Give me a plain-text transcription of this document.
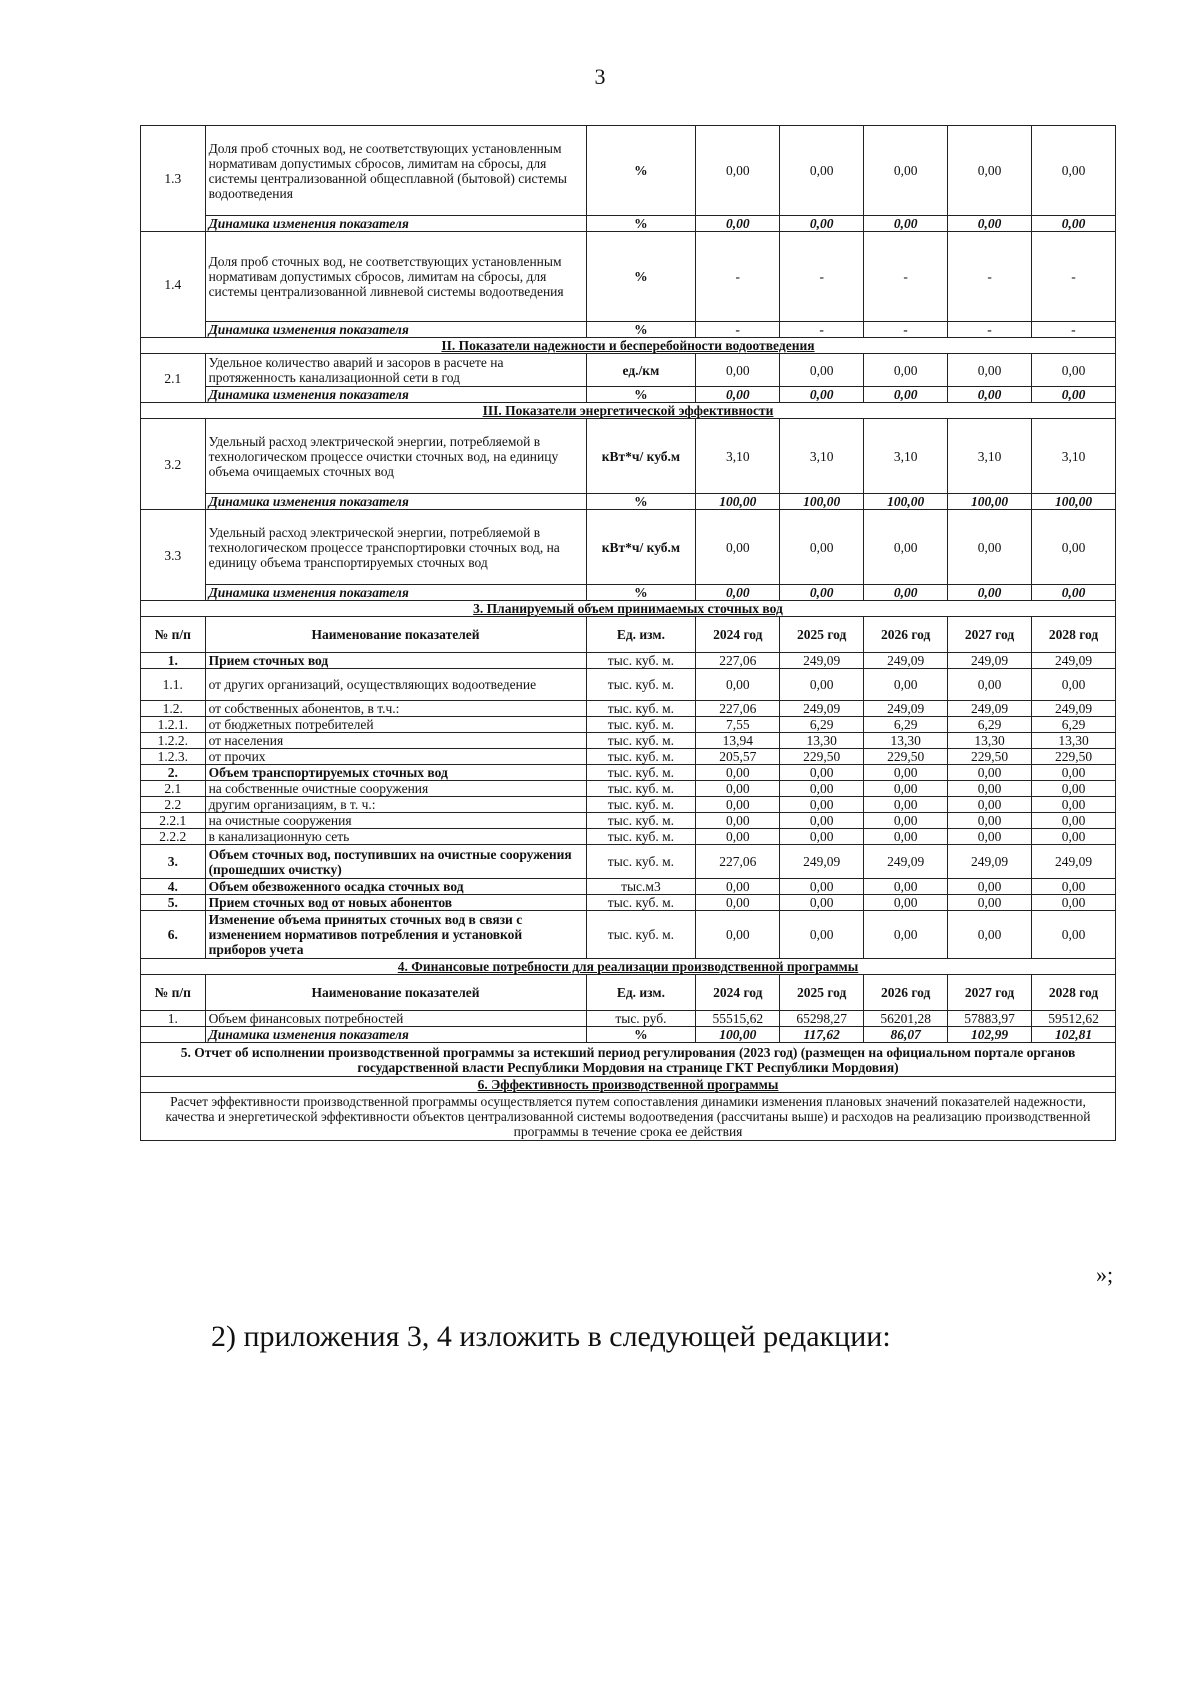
3
1.3	Доля проб сточных вод, не соответствующих установленным нормативам допустимых сбросов, лимитам на сбросы, для системы централизованной общесплавной (бытовой) системы водоотведения	%	0,00	0,00	0,00	0,00	0,00
	Динамика изменения показателя	%	0,00	0,00	0,00	0,00	0,00
1.4	Доля проб сточных вод, не соответствующих установленным нормативам допустимых сбросов, лимитам на сбросы, для системы централизованной ливневой системы водоотведения	%	-	-	-	-	-
	Динамика изменения показателя	%	-	-	-	-	-
II. Показатели надежности и бесперебойности водоотведения							
2.1	Удельное количество аварий и засоров в расчете на протяженность канализационной сети в год	ед./км	0,00	0,00	0,00	0,00	0,00
	Динамика изменения показателя	%	0,00	0,00	0,00	0,00	0,00
III. Показатели энергетической эффективности							
3.2	Удельный расход электрической энергии, потребляемой в технологическом процессе очистки сточных вод, на единицу объема очищаемых сточных вод	кВт*ч/ куб.м	3,10	3,10	3,10	3,10	3,10
	Динамика изменения показателя	%	100,00	100,00	100,00	100,00	100,00
3.3	Удельный расход электрической энергии, потребляемой в технологическом процессе транспортировки сточных вод, на единицу объема транспортируемых сточных вод	кВт*ч/ куб.м	0,00	0,00	0,00	0,00	0,00
	Динамика изменения показателя	%	0,00	0,00	0,00	0,00	0,00
3. Планируемый объем принимаемых сточных вод							
№ п/п	Наименование показателей	Ед. изм.	2024 год	2025 год	2026 год	2027 год	2028 год
1.	Прием сточных вод	тыс. куб. м.	227,06	249,09	249,09	249,09	249,09
1.1.	от других организаций, осуществляющих водоотведение	тыс. куб. м.	0,00	0,00	0,00	0,00	0,00
1.2.	от собственных абонентов, в т.ч.:	тыс. куб. м.	227,06	249,09	249,09	249,09	249,09
1.2.1.	от бюджетных потребителей	тыс. куб. м.	7,55	6,29	6,29	6,29	6,29
1.2.2.	от населения	тыс. куб. м.	13,94	13,30	13,30	13,30	13,30
1.2.3.	от прочих	тыс. куб. м.	205,57	229,50	229,50	229,50	229,50
2.	Объем транспортируемых сточных вод	тыс. куб. м.	0,00	0,00	0,00	0,00	0,00
2.1	на собственные очистные сооружения	тыс. куб. м.	0,00	0,00	0,00	0,00	0,00
2.2	другим организациям, в т. ч.:	тыс. куб. м.	0,00	0,00	0,00	0,00	0,00
2.2.1	на очистные сооружения	тыс. куб. м.	0,00	0,00	0,00	0,00	0,00
2.2.2	в канализационную сеть	тыс. куб. м.	0,00	0,00	0,00	0,00	0,00
3.	Объем сточных вод, поступивших на очистные сооружения (прошедших очистку)	тыс. куб. м.	227,06	249,09	249,09	249,09	249,09
4.	Объем обезвоженного осадка сточных вод	тыс.м3	0,00	0,00	0,00	0,00	0,00
5.	Прием сточных вод от новых абонентов	тыс. куб. м.	0,00	0,00	0,00	0,00	0,00
6.	Изменение объема принятых сточных вод в связи с изменением нормативов потребления и установкой приборов учета	тыс. куб. м.	0,00	0,00	0,00	0,00	0,00
4. Финансовые потребности для реализации производственной программы							
№ п/п	Наименование показателей	Ед. изм.	2024 год	2025 год	2026 год	2027 год	2028 год
1.	Объем финансовых потребностей	тыс. руб.	55515,62	65298,27	56201,28	57883,97	59512,62
	Динамика изменения показателя	%	100,00	117,62	86,07	102,99	102,81
5. Отчет об исполнении производственной программы за истекший период регулирования (2023 год) (размещен на официальном портале органов государственной власти Республики Мордовия на странице ГКТ Республики Мордовия)							
6. Эффективность производственной программы							
Расчет эффективности производственной программы осуществляется путем сопоставления динамики изменения плановых значений показателей надежности, качества и энергетической эффективности объектов централизованной системы водоотведения (рассчитаны выше) и расходов на реализацию производственной программы в течение срока ее действия							
»;
2) приложения 3, 4 изложить в следующей редакции:
